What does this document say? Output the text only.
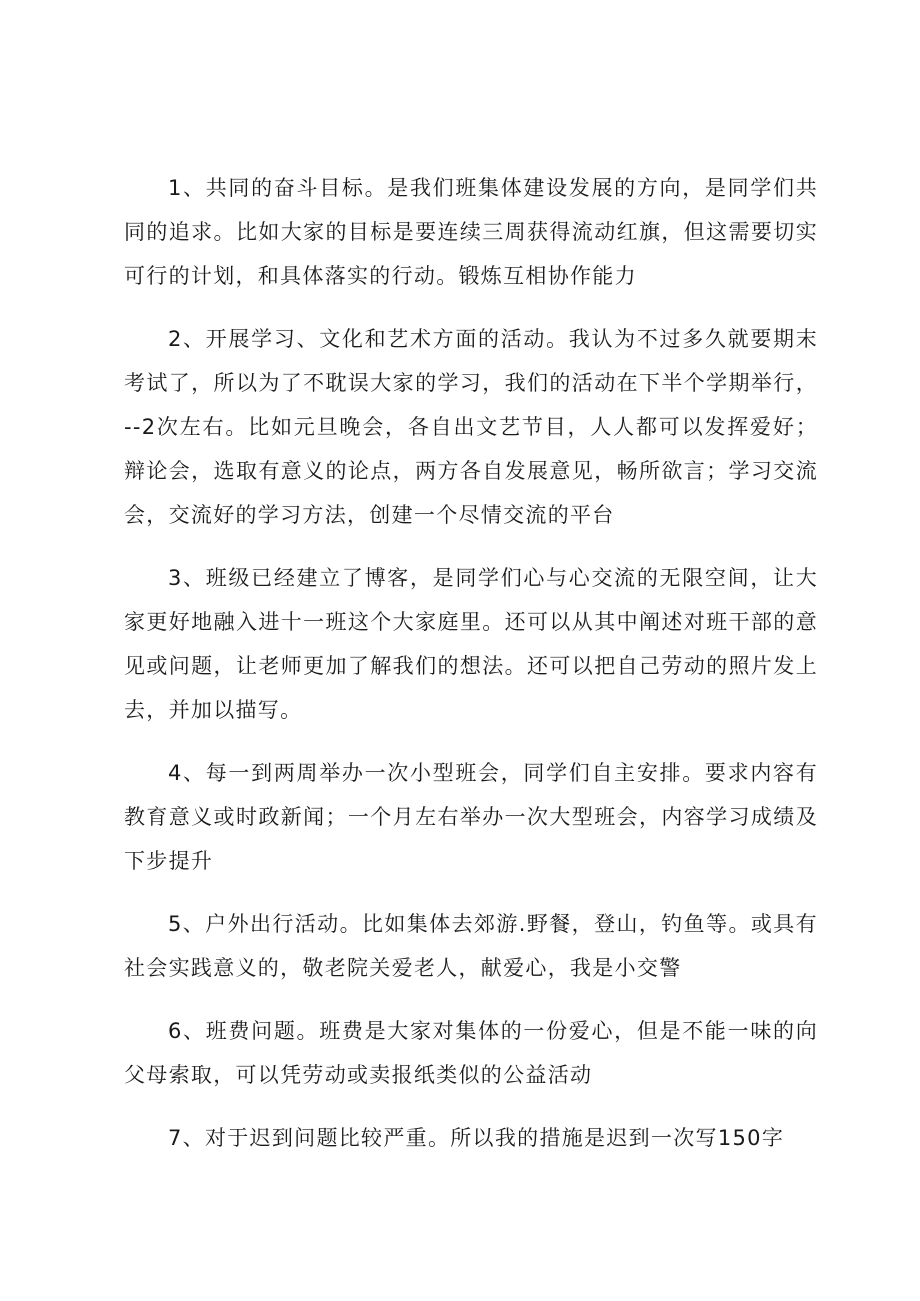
1、共同的奋斗目标。是我们班集体建设发展的方向，是同学们共同的追求。比如大家的目标是要连续三周获得流动红旗，但这需要切实可行的计划，和具体落实的行动。锻炼互相协作能力

2、开展学习、文化和艺术方面的活动。我认为不过多久就要期末考试了，所以为了不耽误大家的学习，我们的活动在下半个学期举行，--2次左右。比如元旦晚会，各自出文艺节目，人人都可以发挥爱好；辩论会，选取有意义的论点，两方各自发展意见，畅所欲言；学习交流会，交流好的学习方法，创建一个尽情交流的平台

3、班级已经建立了博客，是同学们心与心交流的无限空间，让大家更好地融入进十一班这个大家庭里。还可以从其中阐述对班干部的意见或问题，让老师更加了解我们的想法。还可以把自己劳动的照片发上去，并加以描写。

4、每一到两周举办一次小型班会，同学们自主安排。要求内容有教育意义或时政新闻；一个月左右举办一次大型班会，内容学习成绩及下步提升

5、户外出行活动。比如集体去郊游.野餐，登山，钓鱼等。或具有社会实践意义的，敬老院关爱老人，献爱心，我是小交警

6、班费问题。班费是大家对集体的一份爱心，但是不能一味的向父母索取，可以凭劳动或卖报纸类似的公益活动

7、对于迟到问题比较严重。所以我的措施是迟到一次写150字
